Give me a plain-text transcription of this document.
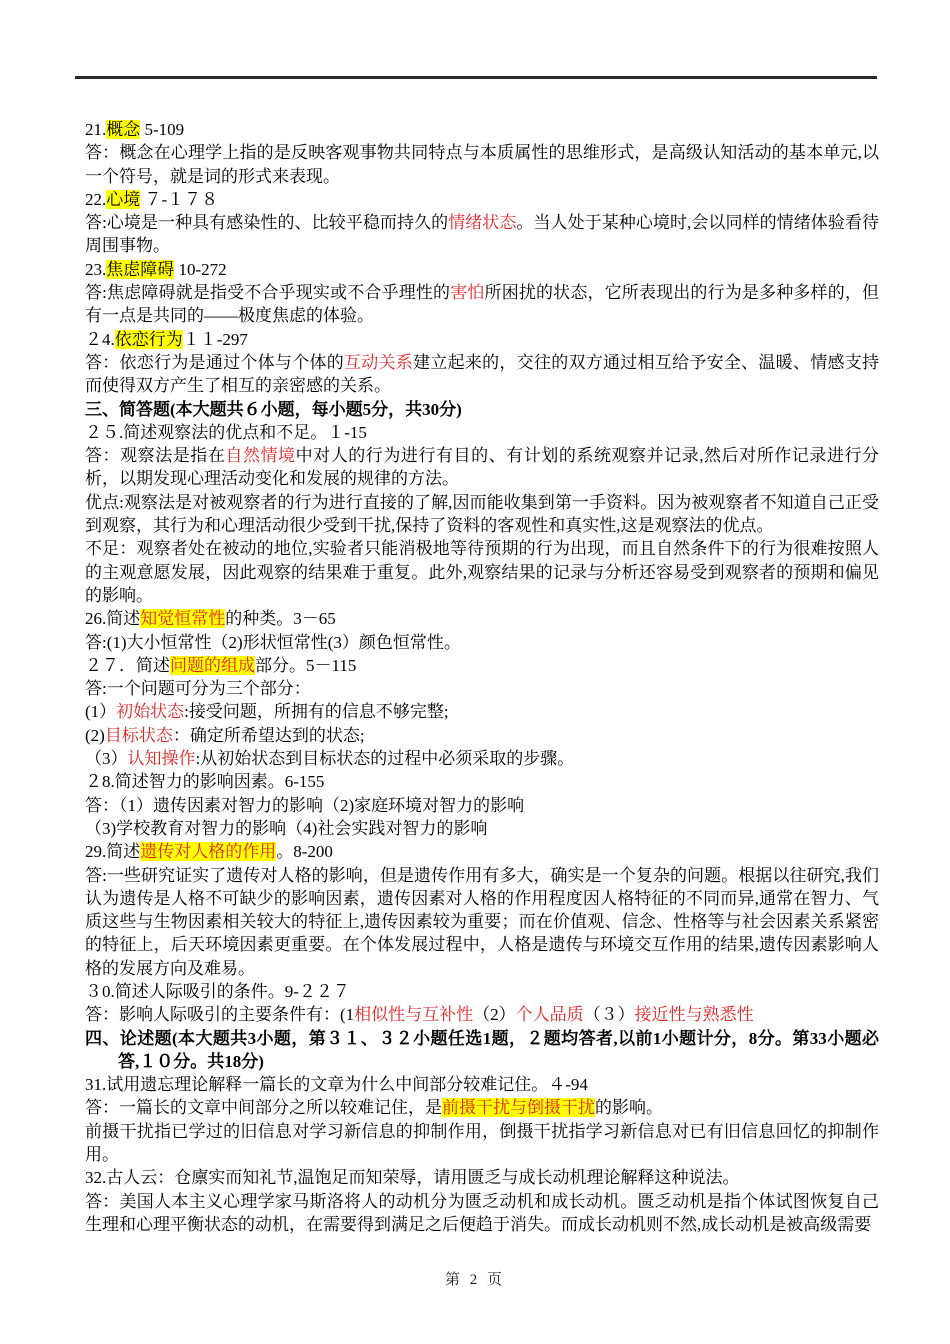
21.概念 5-109

答：概念在心理学上指的是反映客观事物共同特点与本质属性的思维形式，是高级认知活动的基本单元,以一个符号，就是词的形式来表现。

22.心境 ７-１７８

答:心境是一种具有感染性的、比较平稳而持久的情绪状态。当人处于某种心境时,会以同样的情绪体验看待周围事物。

23.焦虑障碍 10-272

答:焦虑障碍就是指受不合乎现实或不合乎理性的害怕所困扰的状态，它所表现出的行为是多种多样的，但有一点是共同的——极度焦虑的体验。

２4.依恋行为１１-297

答：依恋行为是通过个体与个体的互动关系建立起来的，交往的双方通过相互给予安全、温暖、情感支持而使得双方产生了相互的亲密感的关系。

三、简答题(本大题共６小题，每小题5分，共30分)

２５.简述观察法的优点和不足。１-15

答：观察法是指在自然情境中对人的行为进行有目的、有计划的系统观察并记录,然后对所作记录进行分析，以期发现心理活动变化和发展的规律的方法。

优点:观察法是对被观察者的行为进行直接的了解,因而能收集到第一手资料。因为被观察者不知道自己正受到观察，其行为和心理活动很少受到干扰,保持了资料的客观性和真实性,这是观察法的优点。

不足：观察者处在被动的地位,实验者只能消极地等待预期的行为出现，而且自然条件下的行为很难按照人的主观意愿发展，因此观察的结果难于重复。此外,观察结果的记录与分析还容易受到观察者的预期和偏见的影响。

26.简述知觉恒常性的种类。3－65

答:(1)大小恒常性（2)形状恒常性(3）颜色恒常性。

２７．简述问题的组成部分。5－115

答:一个问题可分为三个部分：

(1）初始状态:接受问题，所拥有的信息不够完整;

(2)目标状态：确定所希望达到的状态;

（3）认知操作:从初始状态到目标状态的过程中必须采取的步骤。

２8.简述智力的影响因素。6-155

答：（1）遗传因素对智力的影响（2)家庭环境对智力的影响

（3)学校教育对智力的影响（4)社会实践对智力的影响

29.简述遗传对人格的作用。8-200

答:一些研究证实了遗传对人格的影响，但是遗传作用有多大，确实是一个复杂的问题。根据以往研究,我们认为遗传是人格不可缺少的影响因素，遗传因素对人格的作用程度因人格特征的不同而异,通常在智力、气质这些与生物因素相关较大的特征上,遗传因素较为重要；而在价值观、信念、性格等与社会因素关系紧密的特征上，后天环境因素更重要。在个体发展过程中，人格是遗传与环境交互作用的结果,遗传因素影响人格的发展方向及难易。

３0.简述人际吸引的条件。9-２２７

答：影响人际吸引的主要条件有：(1相似性与互补性（2）个人品质（３）接近性与熟悉性

四、论述题(本大题共3小题，第３１、３２小题任选1题，２题均答者,以前1小题计分，8分。第33小题必答,１０分。共18分)

31.试用遗忘理论解释一篇长的文章为什么中间部分较难记住。４-94

答：一篇长的文章中间部分之所以较难记住，是前摄干扰与倒摄干扰的影响。

前摄干扰指已学过的旧信息对学习新信息的抑制作用，倒摄干扰指学习新信息对已有旧信息回忆的抑制作用。

32.古人云：仓廪实而知礼节,温饱足而知荣辱，请用匮乏与成长动机理论解释这种说法。

答：美国人本主义心理学家马斯洛将人的动机分为匮乏动机和成长动机。匮乏动机是指个体试图恢复自己生理和心理平衡状态的动机，在需要得到满足之后便趋于消失。而成长动机则不然,成长动机是被高级需要

第 2 页
